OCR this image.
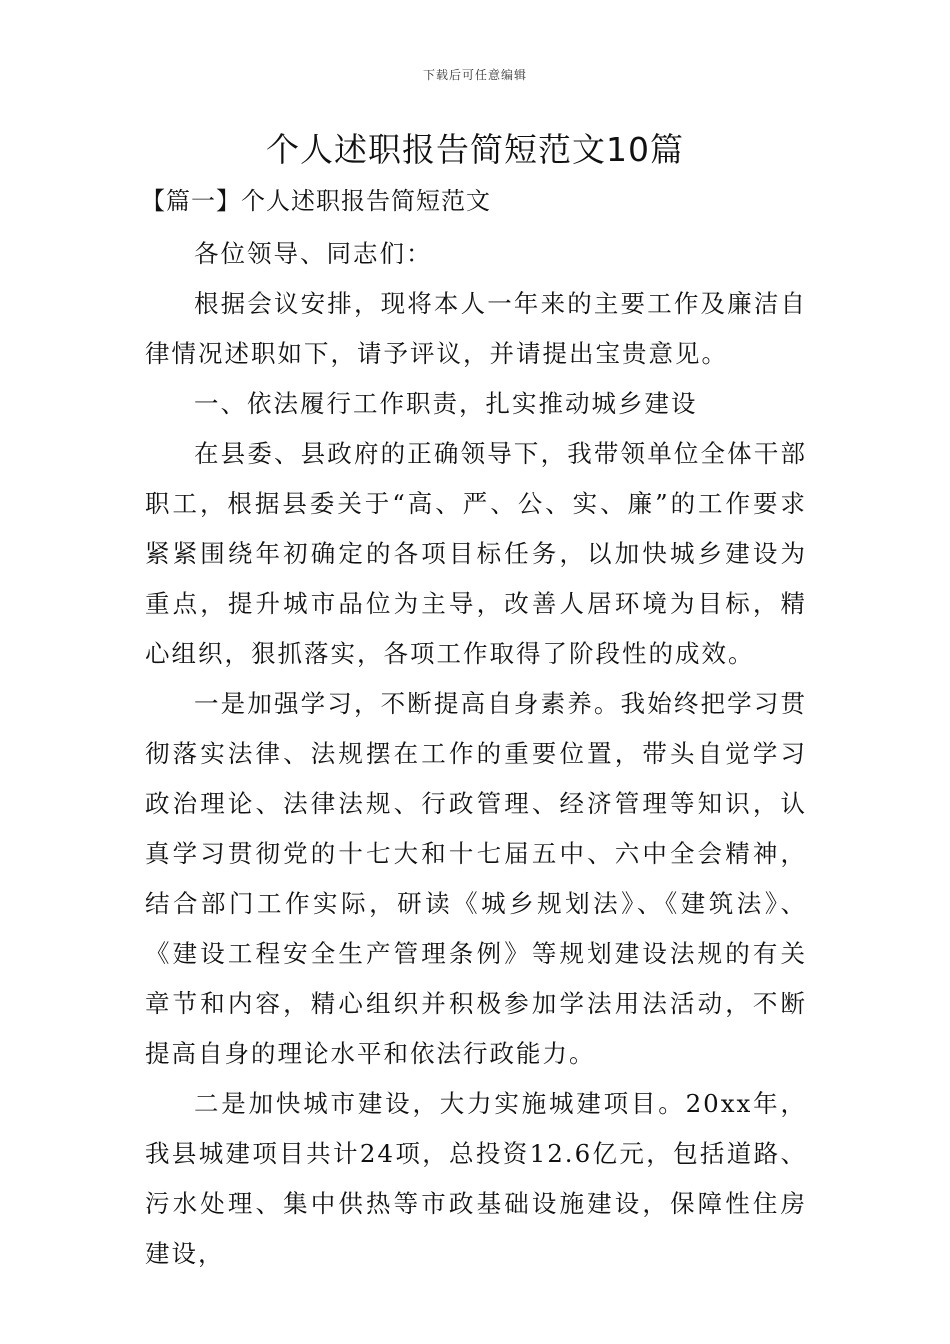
下载后可任意编辑
个人述职报告简短范文10篇
【篇一】个人述职报告简短范文

各位领导、同志们：

根据会议安排，现将本人一年来的主要工作及廉洁自律情况述职如下，请予评议，并请提出宝贵意见。

一、依法履行工作职责，扎实推动城乡建设

在县委、县政府的正确领导下，我带领单位全体干部职工，根据县委关于“高、严、公、实、廉”的工作要求紧紧围绕年初确定的各项目标任务，以加快城乡建设为重点，提升城市品位为主导，改善人居环境为目标，精心组织，狠抓落实，各项工作取得了阶段性的成效。

一是加强学习，不断提高自身素养。我始终把学习贯彻落实法律、法规摆在工作的重要位置，带头自觉学习政治理论、法律法规、行政管理、经济管理等知识，认真学习贯彻党的十七大和十七届五中、六中全会精神，结合部门工作实际，研读《城乡规划法》、《建筑法》、《建设工程安全生产管理条例》等规划建设法规的有关章节和内容，精心组织并积极参加学法用法活动，不断提高自身的理论水平和依法行政能力。

二是加快城市建设，大力实施城建项目。20xx年，我县城建项目共计24项，总投资12.6亿元，包括道路、污水处理、集中供热等市政基础设施建设，保障性住房建设，
